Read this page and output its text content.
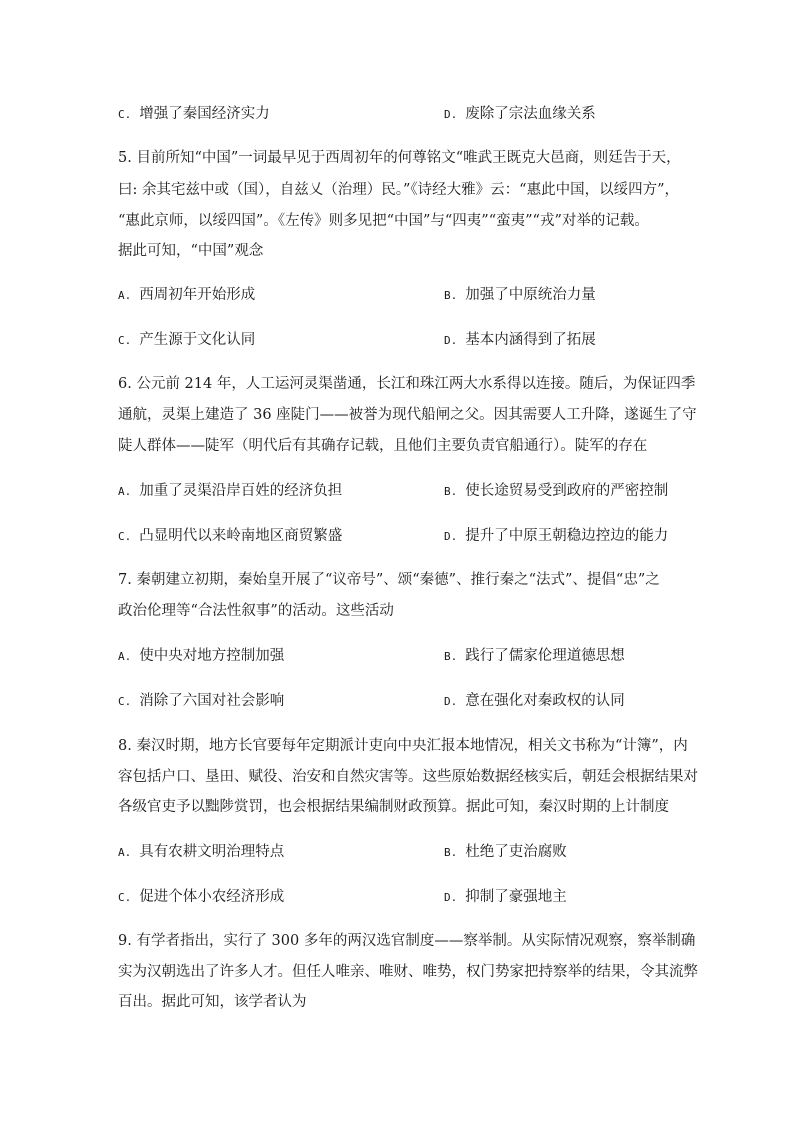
C. 增强了秦国经济实力	D. 废除了宗法血缘关系
5. 目前所知“中国”一词最早见于西周初年的何尊铭文“唯武王既克大邑商，则廷告于天，
曰: 余其宅兹中或（国），自兹乂（治理）民。”《诗经大雅》云：“惠此中国，以绥四方”，
“惠此京师，以绥四国”。《左传》则多见把“中国”与“四夷”“蛮夷”“戎”对举的记载。
据此可知，“中国”观念
A. 西周初年开始形成	B. 加强了中原统治力量
C. 产生源于文化认同	D. 基本内涵得到了拓展
6. 公元前 214 年，人工运河灵渠凿通，长江和珠江两大水系得以连接。随后，为保证四季
通航，灵渠上建造了 36 座陡门——被誉为现代船闸之父。因其需要人工升降，遂诞生了守
陡人群体——陡军（明代后有其确存记载，且他们主要负责官船通行）。陡军的存在
A. 加重了灵渠沿岸百姓的经济负担	B. 使长途贸易受到政府的严密控制
C. 凸显明代以来岭南地区商贸繁盛	D. 提升了中原王朝稳边控边的能力
7. 秦朝建立初期，秦始皇开展了“议帝号”、颂“秦德”、推行秦之“法式”、提倡“忠”之
政治伦理等“合法性叙事”的活动。这些活动
A. 使中央对地方控制加强	B. 践行了儒家伦理道德思想
C. 消除了六国对社会影响	D. 意在强化对秦政权的认同
8. 秦汉时期，地方长官要每年定期派计吏向中央汇报本地情况，相关文书称为“计簿”，内
容包括户口、垦田、赋役、治安和自然灾害等。这些原始数据经核实后，朝廷会根据结果对
各级官吏予以黜陟赏罚，也会根据结果编制财政预算。据此可知，秦汉时期的上计制度
A. 具有农耕文明治理特点	B. 杜绝了吏治腐败
C. 促进个体小农经济形成	D. 抑制了豪强地主
9. 有学者指出，实行了 300 多年的两汉选官制度——察举制。从实际情况观察，察举制确
实为汉朝选出了许多人才。但任人唯亲、唯财、唯势，权门势家把持察举的结果，令其流弊
百出。据此可知，该学者认为
